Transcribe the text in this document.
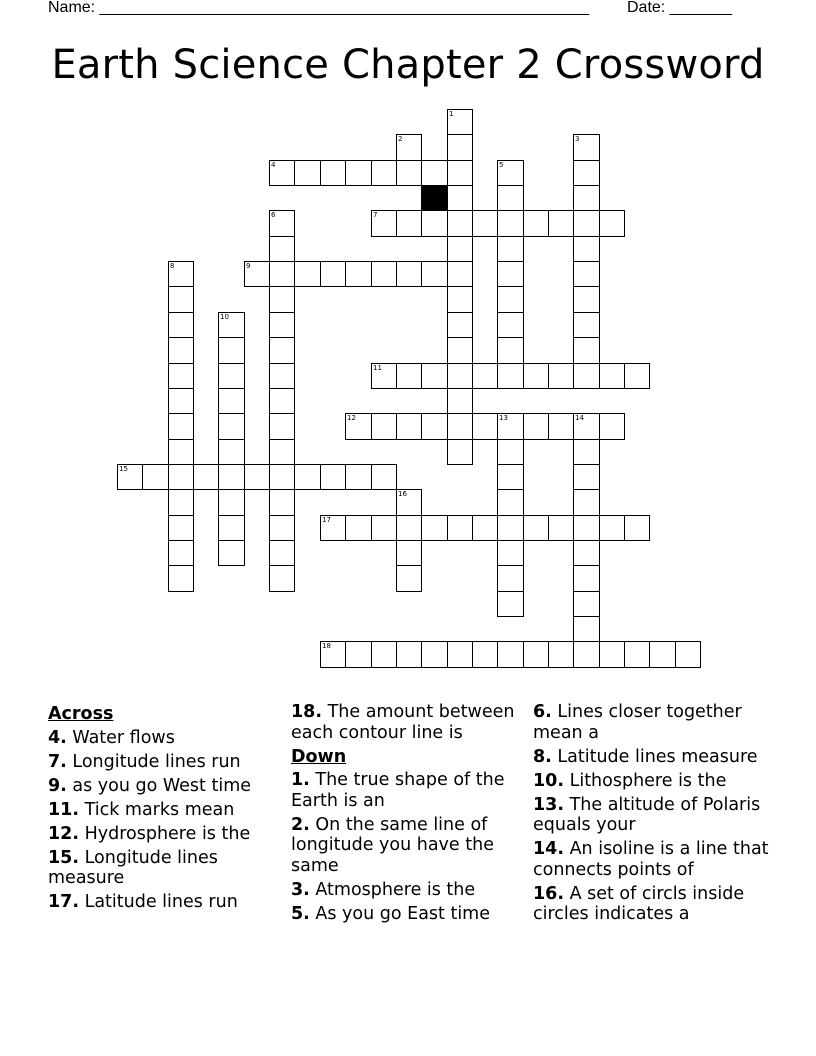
Name: _______________________________________________________ Date: _______
Earth Science Chapter 2 Crossword
4
7
9
11
12
15
17
18
1
2	3
5
6
8
10
13	14
16
Across
4. Water flows
7. Longitude lines run
9. as you go West time
11. Tick marks mean
12. Hydrosphere is the
15. Longitude lines measure
17. Latitude lines run
18. The amount between each contour line is
Down
1. The true shape of the Earth is an
2. On the same line of longitude you have the same
3. Atmosphere is the
5. As you go East time
6. Lines closer together mean a
8. Latitude lines measure
10. Lithosphere is the
13. The altitude of Polaris equals your
14. An isoline is a line that connects points of
16. A set of circls inside circles indicates a
